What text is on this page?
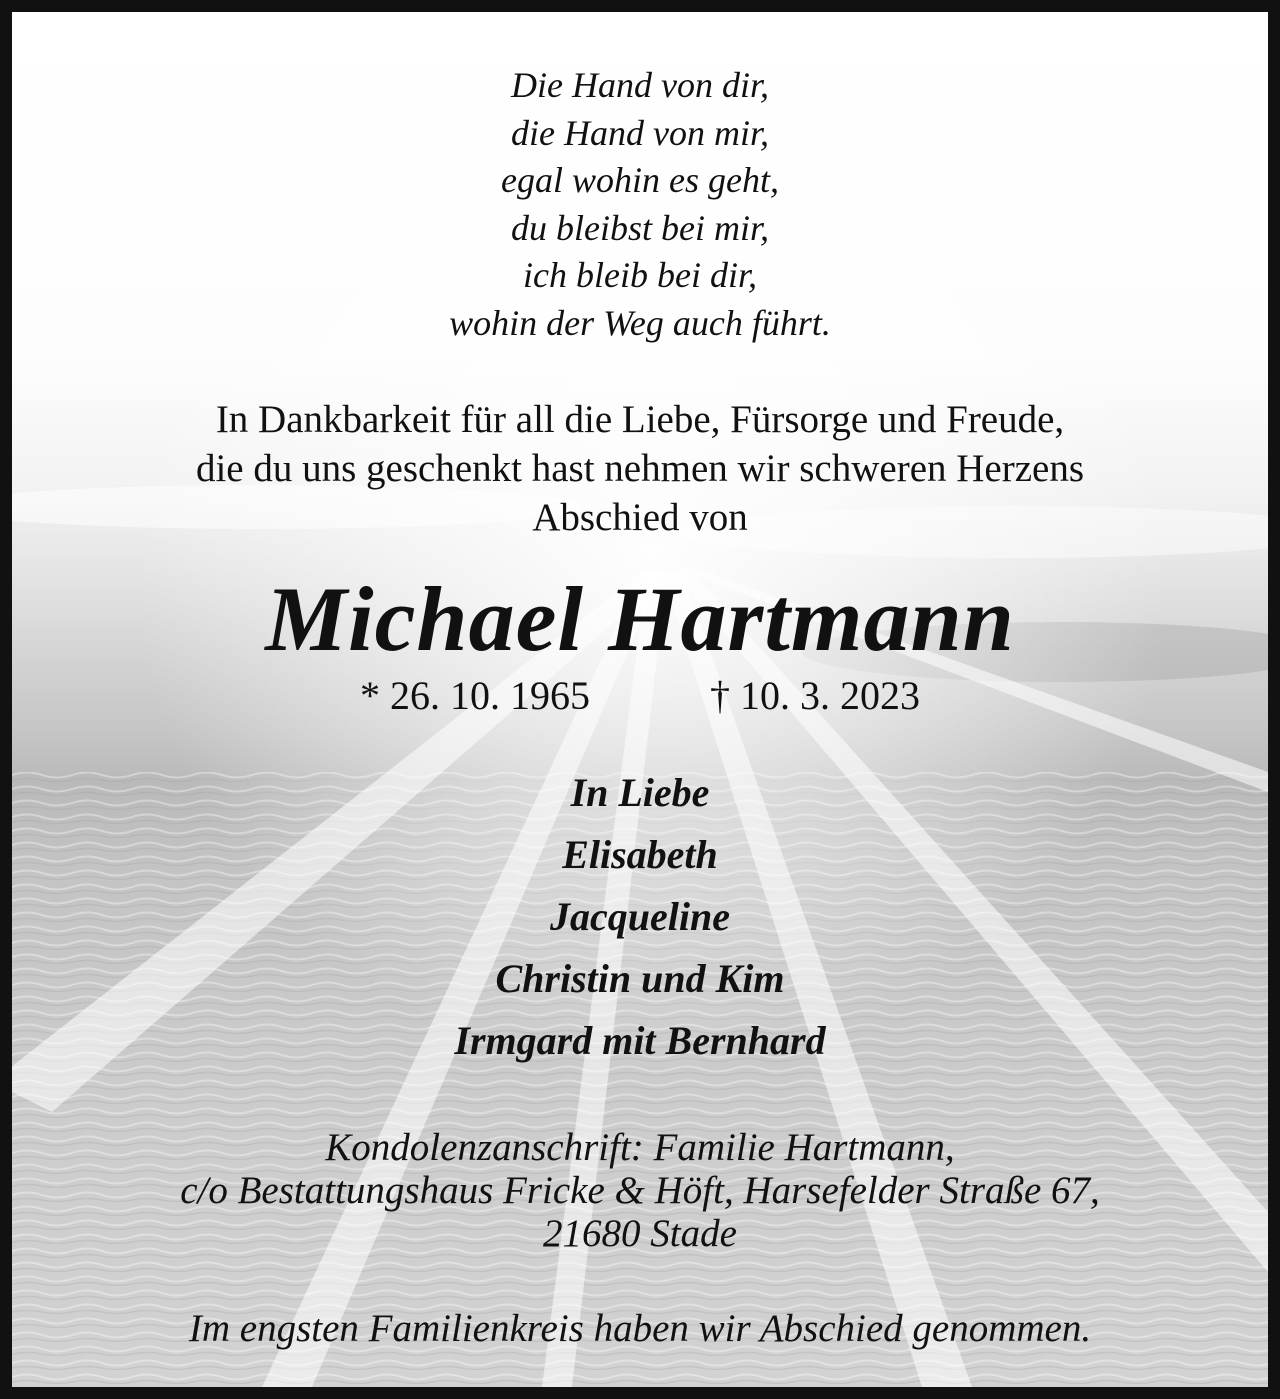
Die Hand von dir,
die Hand von mir,
egal wohin es geht,
du bleibst bei mir,
ich bleib bei dir,
wohin der Weg auch führt.
In Dankbarkeit für all die Liebe, Fürsorge und Freude,
die du uns geschenkt hast nehmen wir schweren Herzens
Abschied von
Michael Hartmann
* 26. 10. 1965	† 10. 3. 2023
In Liebe
Elisabeth
Jacqueline
Christin und Kim
Irmgard mit Bernhard
Kondolenzanschrift: Familie Hartmann,
c/o Bestattungshaus Fricke & Höft, Harsefelder Straße 67,
21680 Stade
Im engsten Familienkreis haben wir Abschied genommen.
